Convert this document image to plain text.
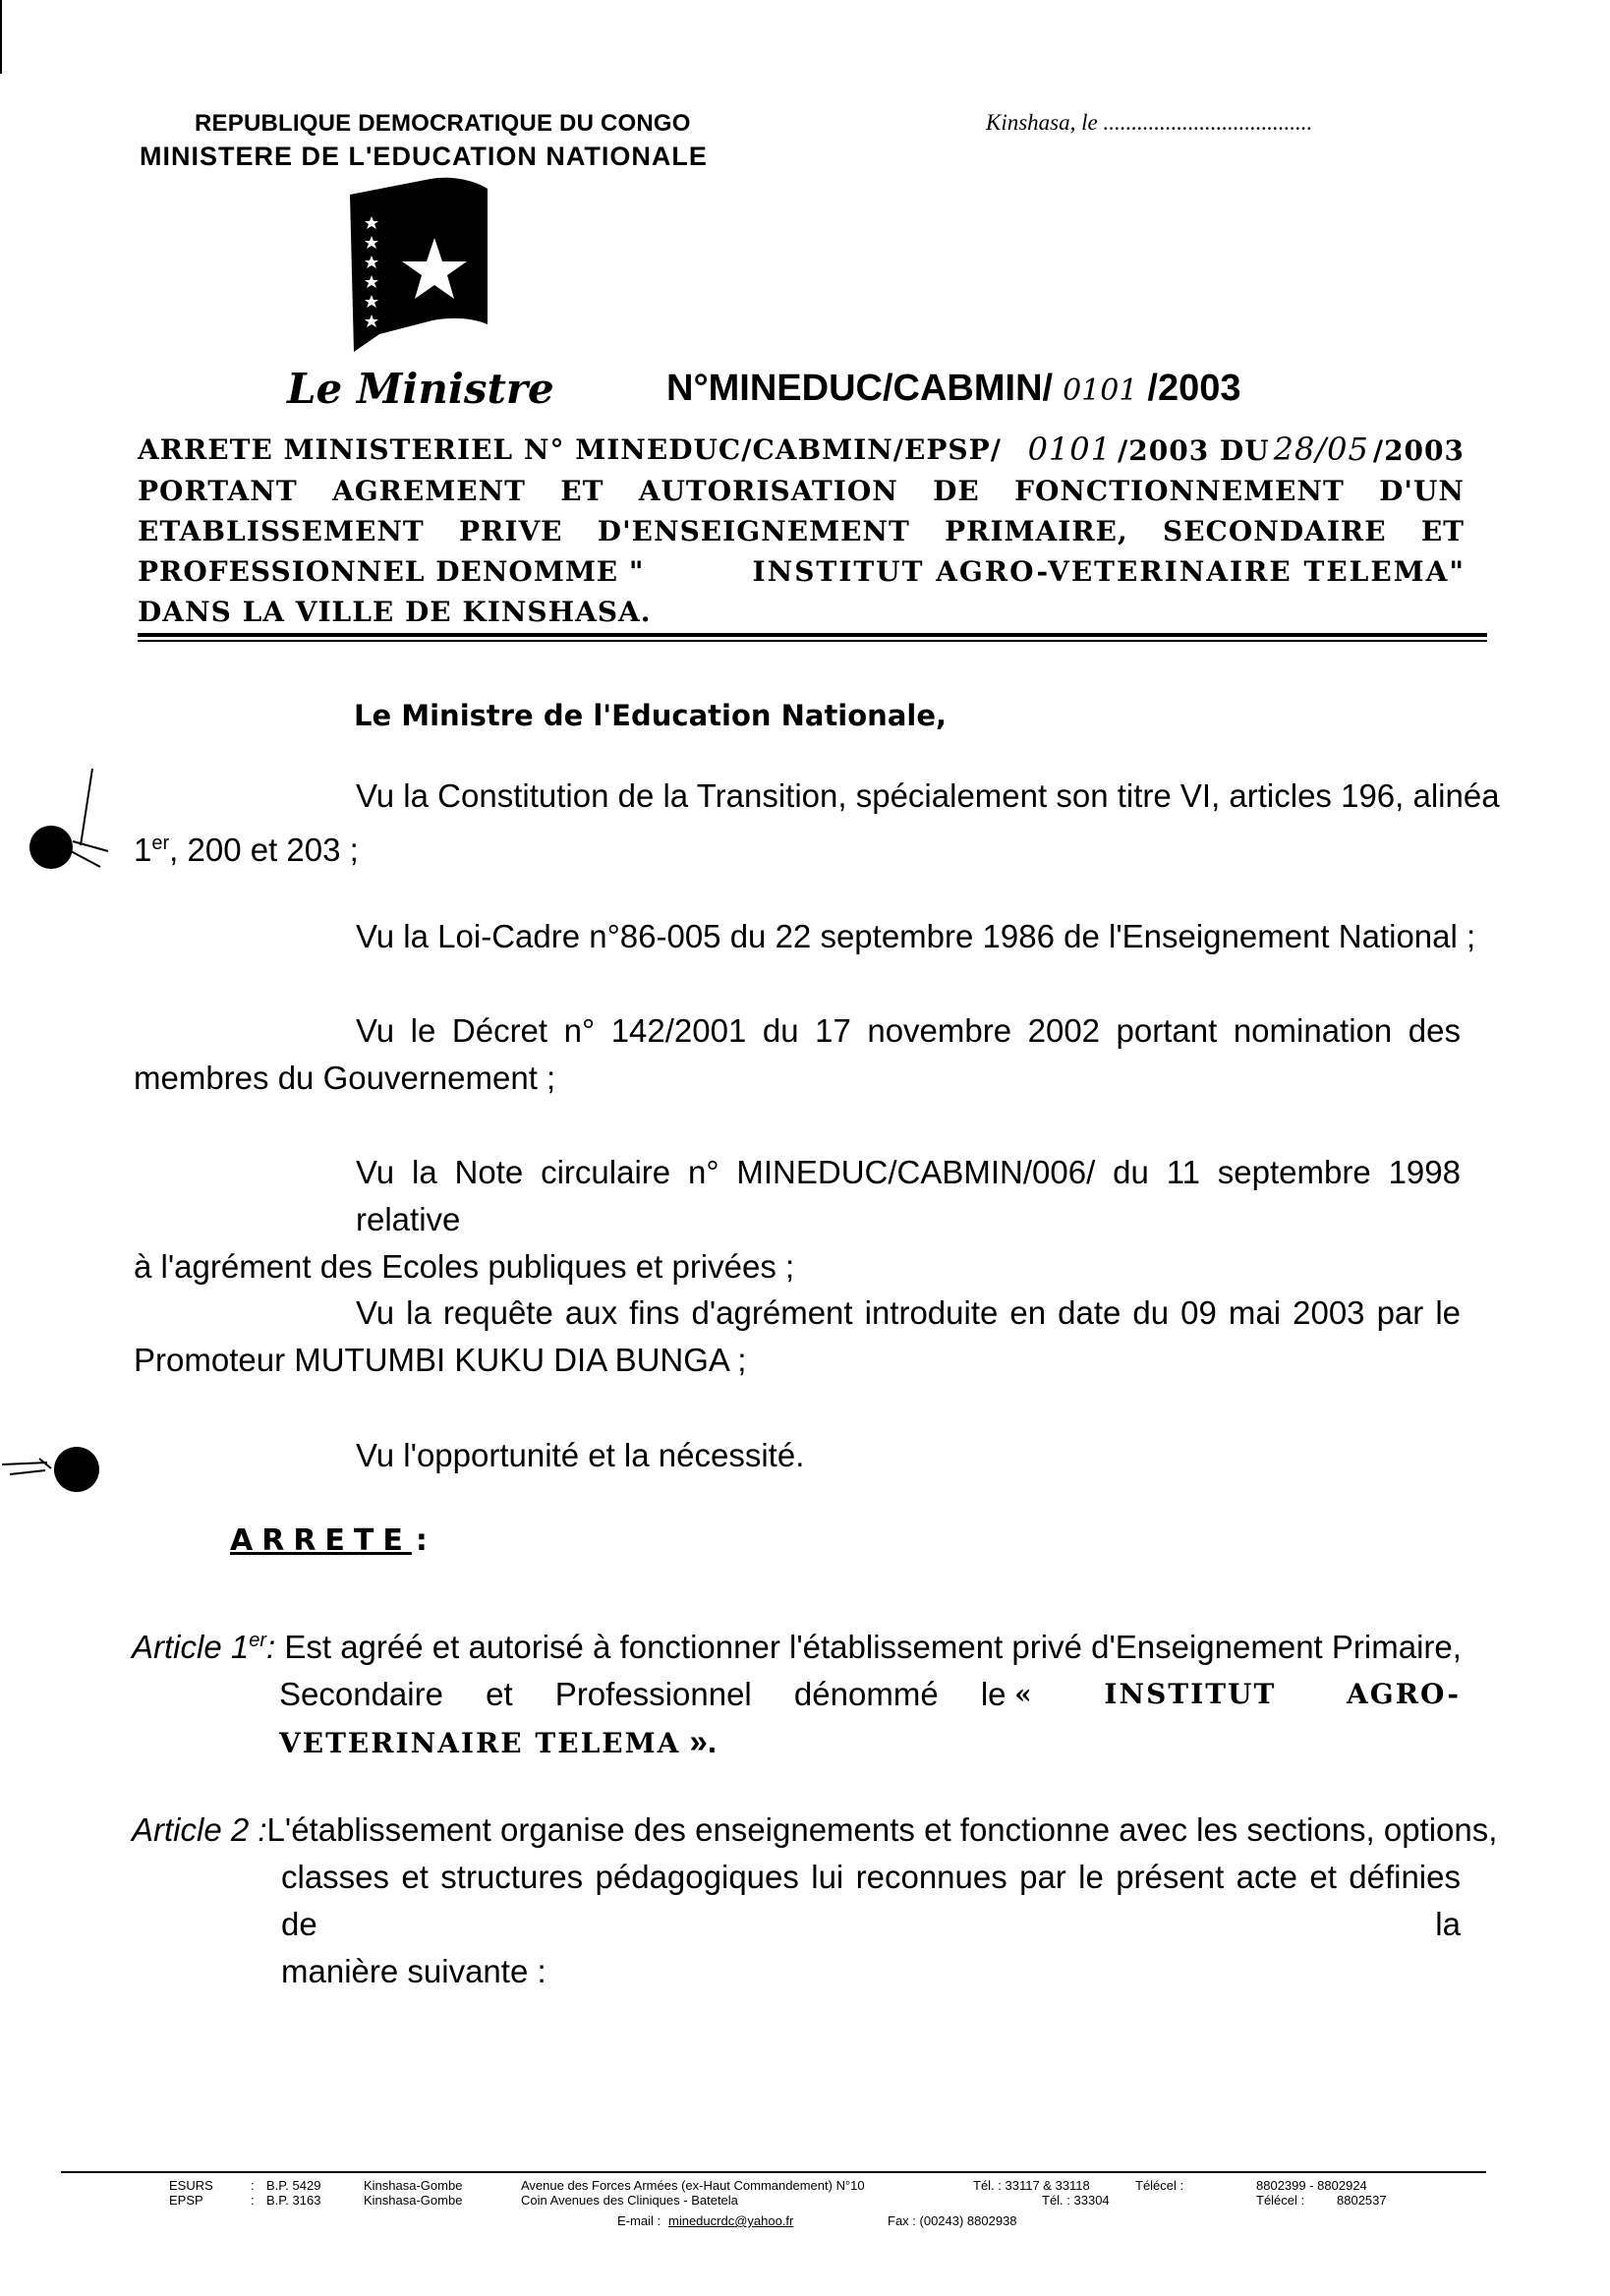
REPUBLIQUE DEMOCRATIQUE DU CONGO
MINISTERE DE L'EDUCATION NATIONALE
Kinshasa, le .....................................
Le Ministre	N°MINEDUC/CABMIN/ 0101 /2003
ARRETE MINISTERIEL N° MINEDUC/CABMIN/EPSP/ 0101 /2003 DU 28/05 /2003
PORTANT AGREMENT ET AUTORISATION DE FONCTIONNEMENT D'UN
ETABLISSEMENT PRIVE D'ENSEIGNEMENT PRIMAIRE, SECONDAIRE ET
PROFESSIONNEL DENOMME "	INSTITUT AGRO-VETERINAIRE TELEMA"
DANS LA VILLE DE KINSHASA.
Le Ministre de l'Education Nationale,
Vu la Constitution de la Transition, spécialement son titre VI, articles 196, alinéa
1er, 200 et 203 ;
Vu la Loi-Cadre n°86-005 du 22 septembre 1986 de l'Enseignement National ;
Vu le Décret n° 142/2001 du 17 novembre 2002 portant nomination des
membres du Gouvernement ;
Vu la Note circulaire n° MINEDUC/CABMIN/006/ du 11 septembre 1998 relative
à l'agrément des Ecoles publiques et privées ;
Vu la requête aux fins d'agrément introduite en date du 09 mai 2003 par le
Promoteur MUTUMBI KUKU DIA BUNGA ;
Vu l'opportunité et la nécessité.
ARRETE :
Article 1er: Est agréé et autorisé à fonctionner l'établissement privé d'Enseignement Primaire,
Secondaire et Professionnel dénommé le « INSTITUT AGRO-
VETERINAIRE TELEMA ».
Article 2 : L'établissement organise des enseignements et fonctionne avec les sections, options,
classes et structures pédagogiques lui reconnues par le présent acte et définies de la
manière suivante :
ESURS	: B.P. 5429	Kinshasa-Gombe	Avenue des Forces Armées (ex-Haut Commandement) N°10	Tél. : 33117 & 33118	Télécel :	8802399 - 8802924
EPSP	: B.P. 3163	Kinshasa-Gombe	Coin Avenues des Cliniques - Batetela	Tél. : 33304	Télécel :	8802537
E-mail : mineducrdc@yahoo.fr	Fax : (00243) 8802938
